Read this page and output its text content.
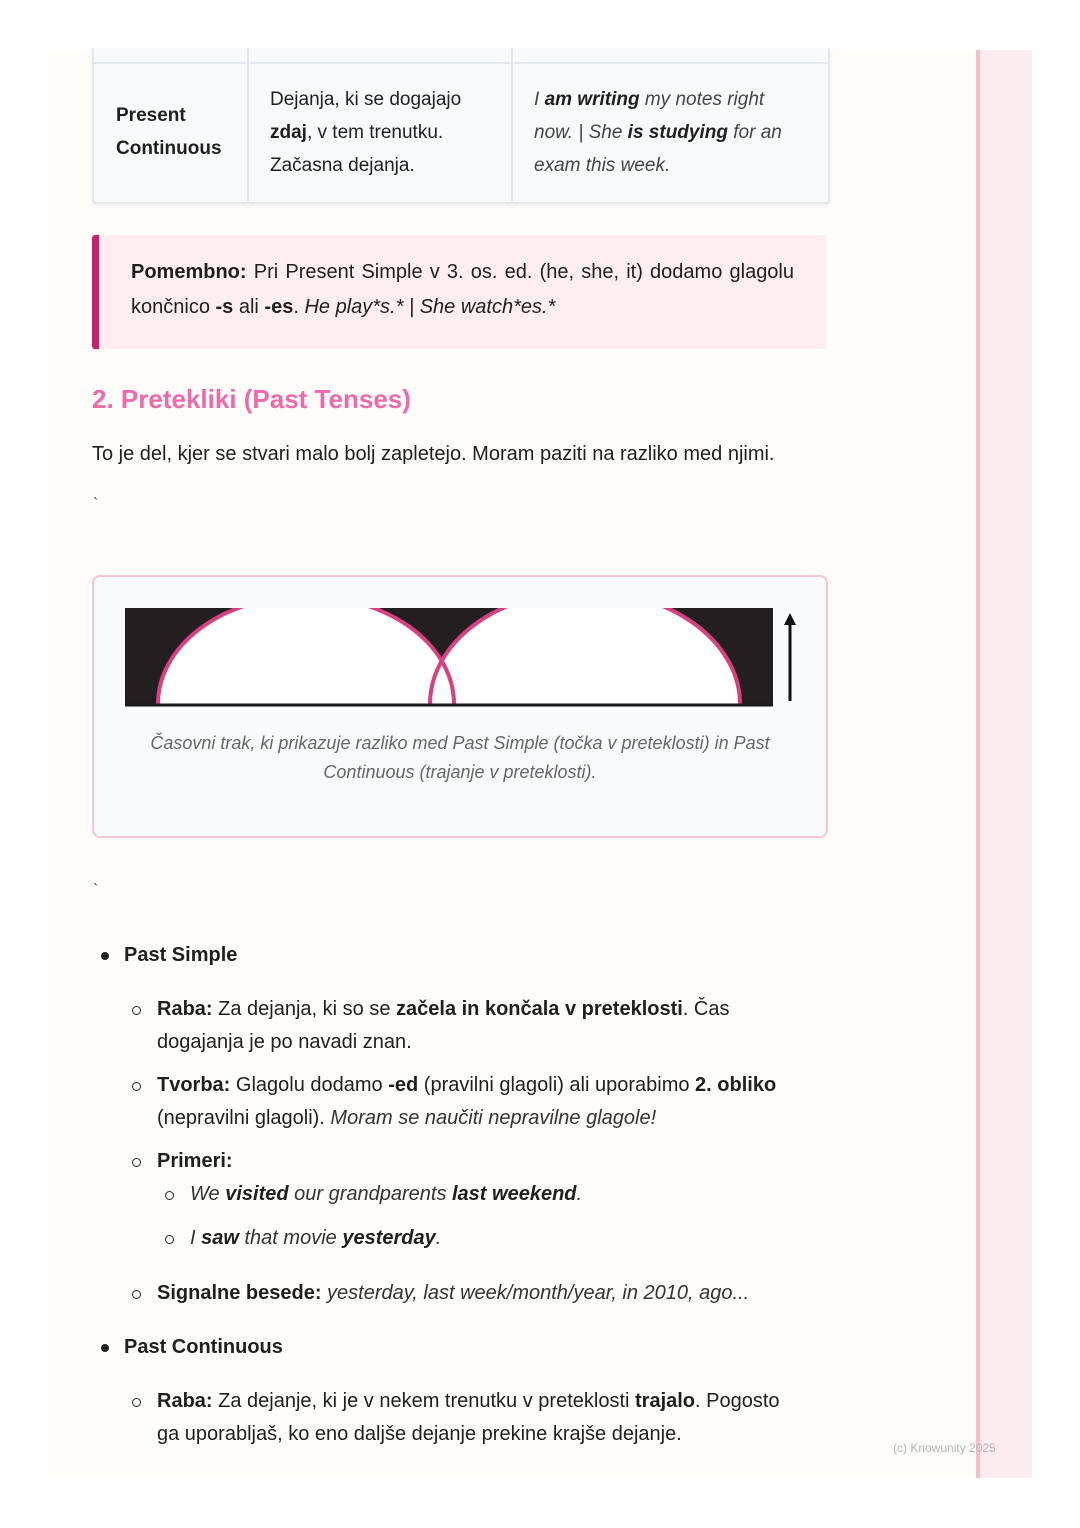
Present
Continuous
Dejanja, ki se dogajajo
zdaj, v tem trenutku.
Začasna dejanja.
I am writing my notes right
now. | She is studying for an
exam this week.

Pomembno: Pri Present Simple v 3. os. ed. (he, she, it) dodamo glagolu končnico -s ali -es. He play*s.* | She watch*es.*

2. Pretekliki (Past Tenses)

To je del, kjer se stvari malo bolj zapletejo. Moram paziti na razliko med njimi.

`
Časovni trak, ki prikazuje razliko med Past Simple (točka v preteklosti) in Past Continuous (trajanje v preteklosti).
`
Past Simple
Raba: Za dejanja, ki so se začela in končala v preteklosti. Čas
dogajanja je po navadi znan.
Tvorba: Glagolu dodamo -ed (pravilni glagoli) ali uporabimo 2. obliko
(nepravilni glagoli). Moram se naučiti nepravilne glagole!
Primeri:
We visited our grandparents last weekend.
I saw that movie yesterday.
Signalne besede: yesterday, last week/month/year, in 2010, ago...
Past Continuous
Raba: Za dejanje, ki je v nekem trenutku v preteklosti trajalo. Pogosto
ga uporabljaš, ko eno daljše dejanje prekine krajše dejanje.
(c) Knowunity 2025
